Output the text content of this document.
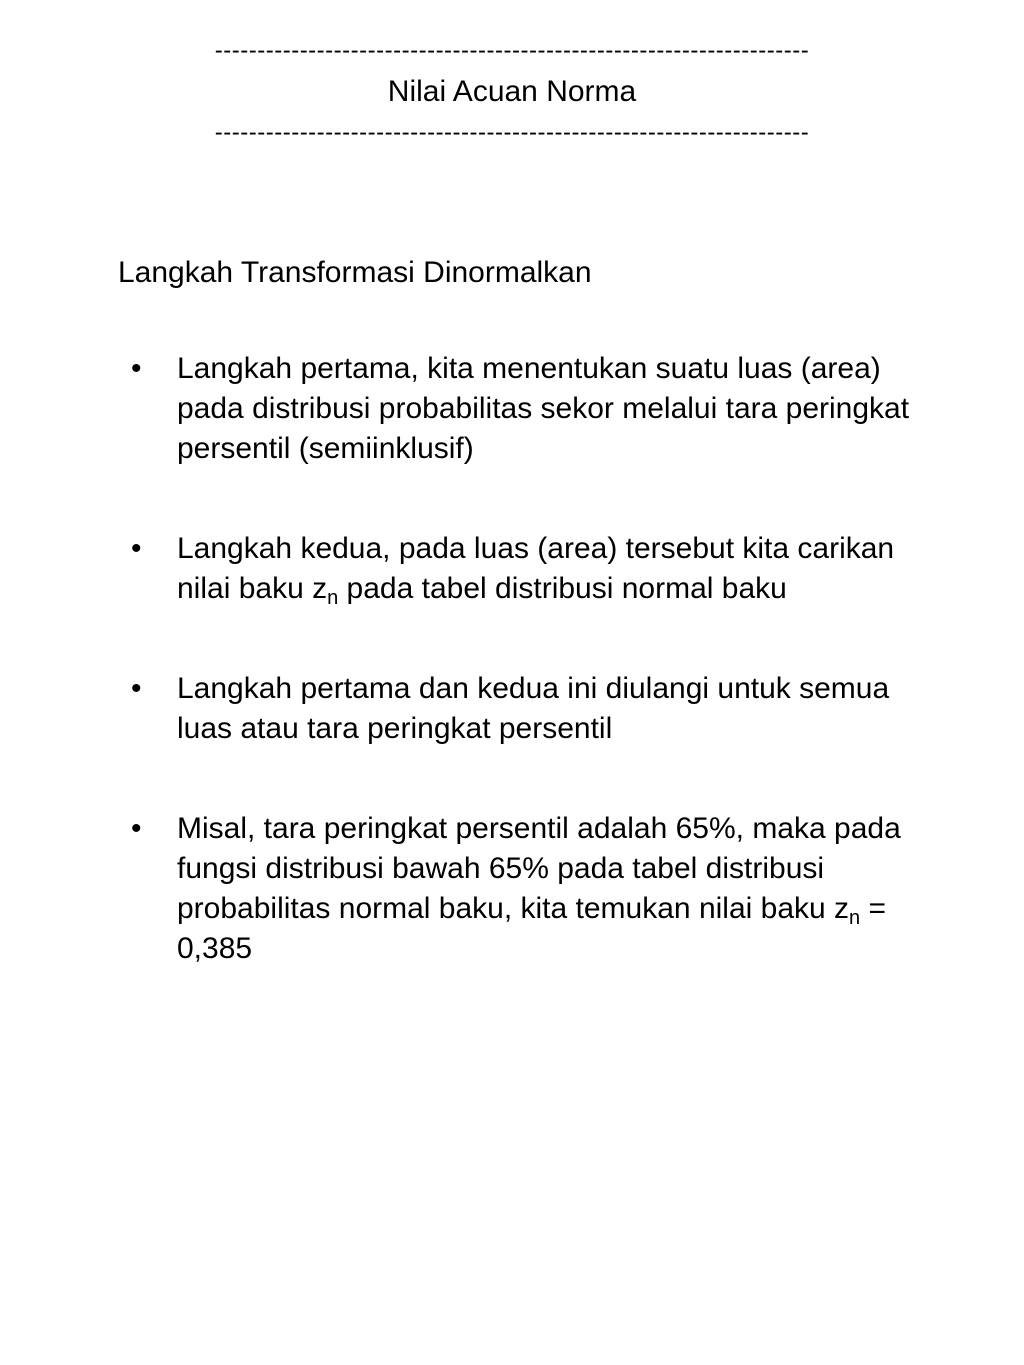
----------------------------------------------------------------------
Nilai Acuan Norma
----------------------------------------------------------------------
Langkah Transformasi Dinormalkan
• Langkah pertama, kita menentukan suatu luas (area) pada distribusi probabilitas sekor melalui tara peringkat persentil (semiinklusif)
• Langkah kedua, pada luas (area) tersebut kita carikan nilai baku $z_n$ pada tabel distribusi normal baku
• Langkah pertama dan kedua ini diulangi untuk semua luas atau tara peringkat persentil
• Misal, tara peringkat persentil adalah 65%, maka pada fungsi distribusi bawah 65% pada tabel distribusi probabilitas normal baku, kita temukan nilai baku $z_n = 0,385$
